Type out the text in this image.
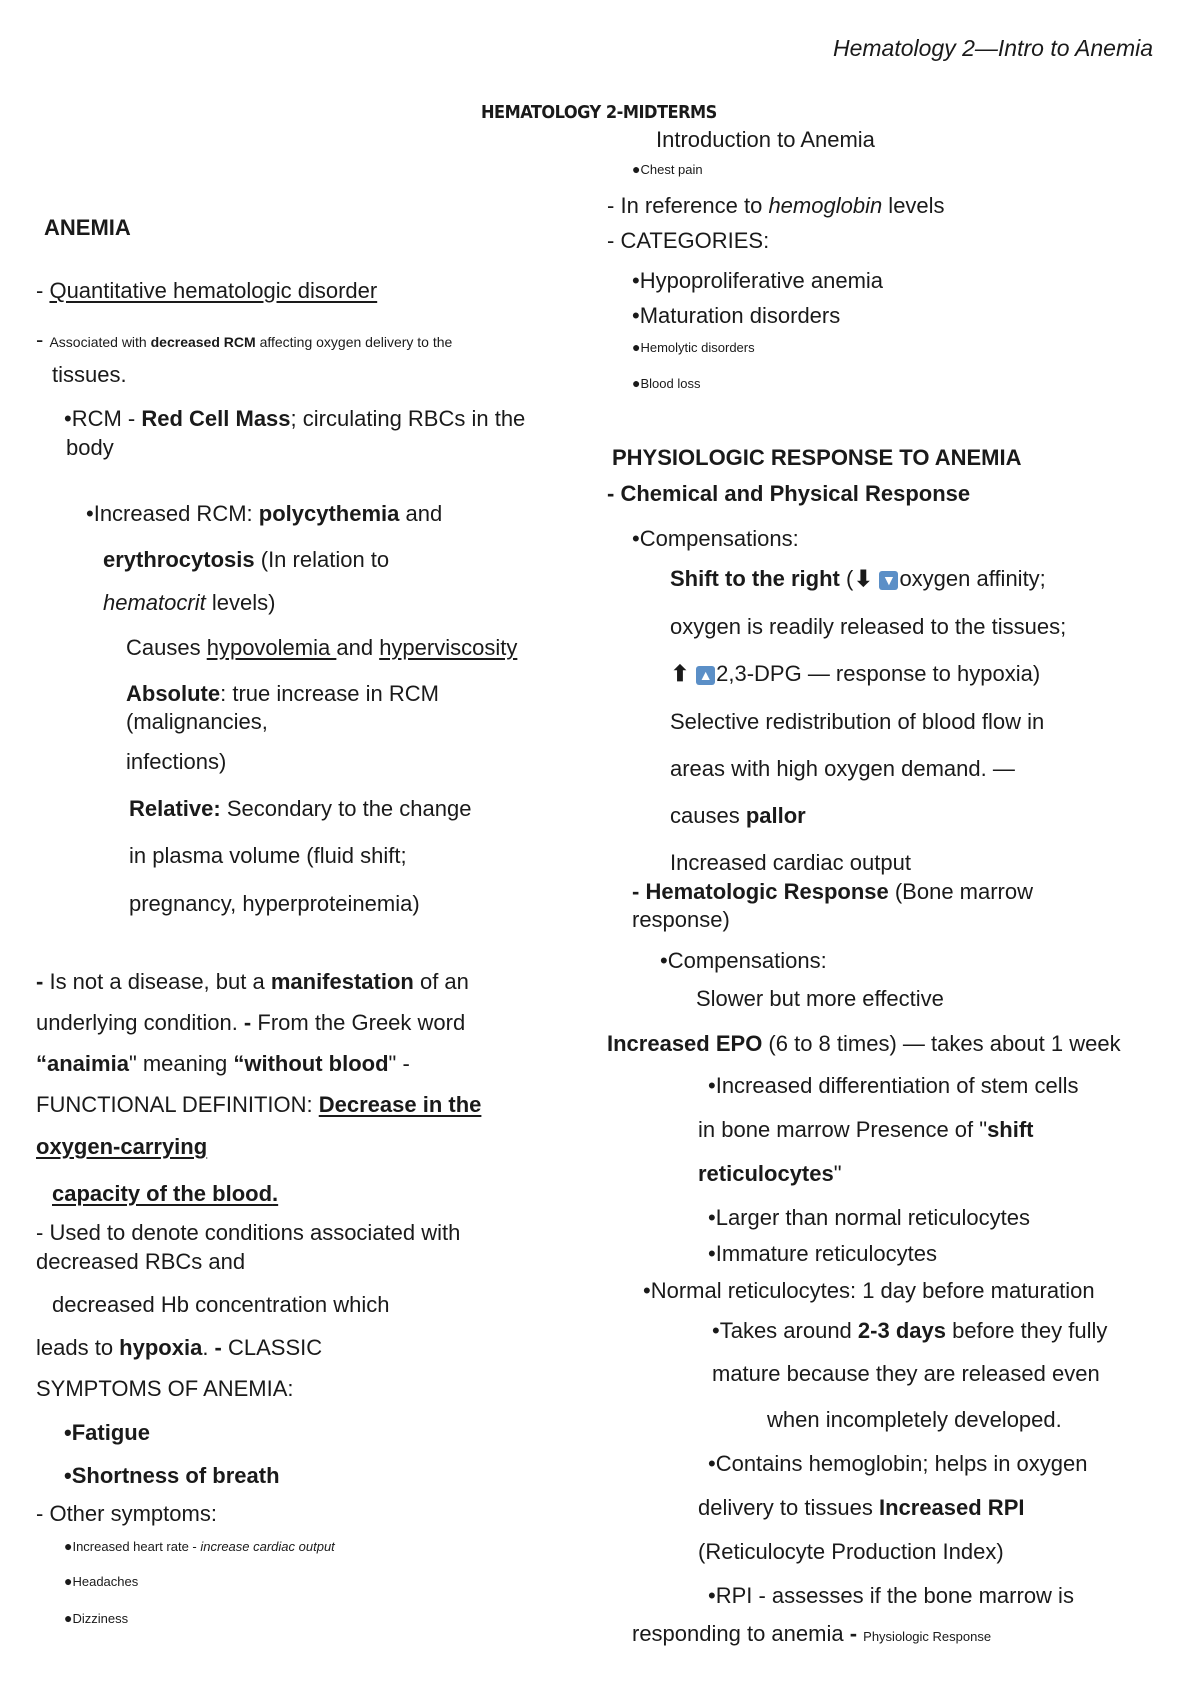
Hematology 2—Intro to Anemia
HEMATOLOGY 2-MIDTERMS
ANEMIA
- Quantitative hematologic disorder
- Associated with decreased RCM affecting oxygen delivery to the
tissues.
•RCM - Red Cell Mass; circulating RBCs in the
body
•Increased RCM: polycythemia and
erythrocytosis (In relation to
hematocrit levels)
Causes hypovolemia and hyperviscosity
Absolute: true increase in RCM
(malignancies,
infections)
Relative: Secondary to the change
in plasma volume (fluid shift;
pregnancy, hyperproteinemia)
- Is not a disease, but a manifestation of an
underlying condition. - From the Greek word
“anaimia" meaning “without blood" -
FUNCTIONAL DEFINITION: Decrease in the
oxygen-carrying
capacity of the blood.
- Used to denote conditions associated with
decreased RBCs and
decreased Hb concentration which
leads to hypoxia. - CLASSIC
SYMPTOMS OF ANEMIA:
•Fatigue
•Shortness of breath
- Other symptoms:
●Increased heart rate - increase cardiac output
●Headaches
●Dizziness
Introduction to Anemia
●Chest pain
- In reference to hemoglobin levels
- CATEGORIES:
•Hypoproliferative anemia
•Maturation disorders
●Hemolytic disorders
●Blood loss
PHYSIOLOGIC RESPONSE TO ANEMIA
- Chemical and Physical Response
•Compensations:
Shift to the right (⬇ ▼ oxygen affinity;
oxygen is readily released to the tissues;
⬆ ▲ 2,3-DPG — response to hypoxia)
Selective redistribution of blood flow in
areas with high oxygen demand. —
causes pallor
Increased cardiac output
- Hematologic Response (Bone marrow
response)
•Compensations:
Slower but more effective
Increased EPO (6 to 8 times) — takes about 1 week
•Increased differentiation of stem cells
in bone marrow Presence of "shift
reticulocytes"
•Larger than normal reticulocytes
•Immature reticulocytes
•Normal reticulocytes: 1 day before maturation
•Takes around 2-3 days before they fully
mature because they are released even
when incompletely developed.
•Contains hemoglobin; helps in oxygen
delivery to tissues Increased RPI
(Reticulocyte Production Index)
•RPI - assesses if the bone marrow is
responding to anemia - Physiologic Response
